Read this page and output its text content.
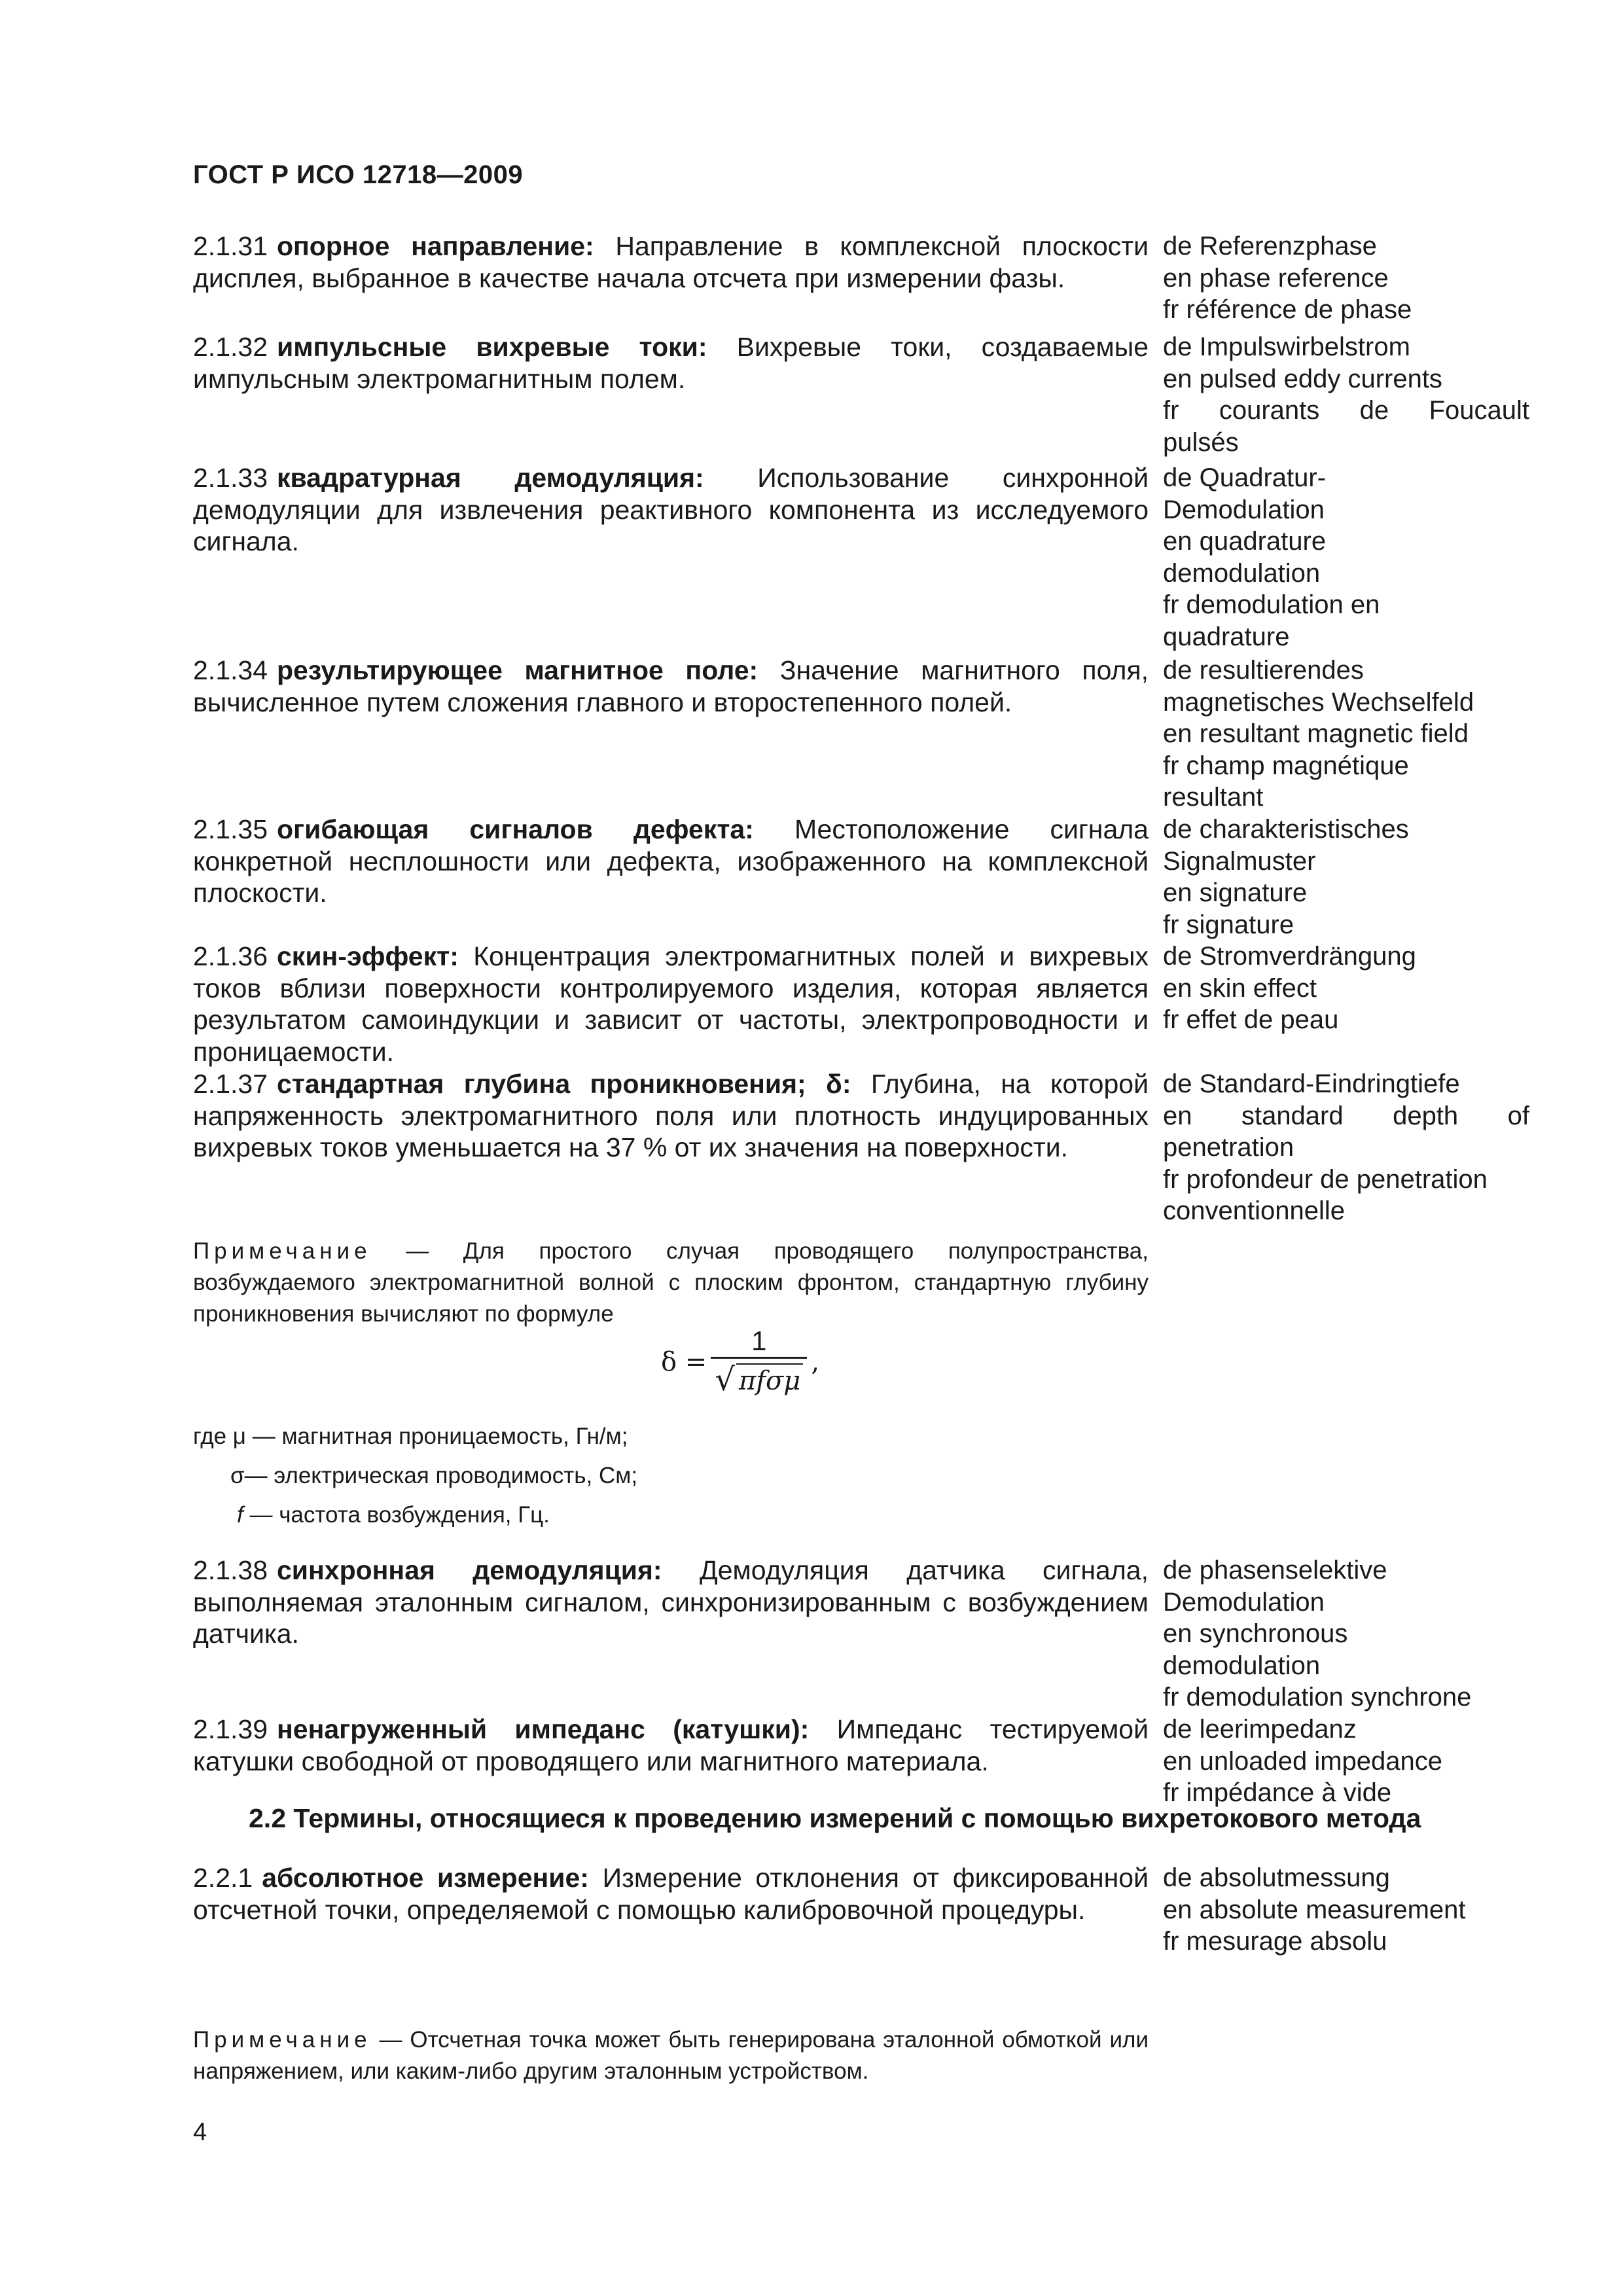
ГОСТ Р ИСО 12718—2009

2.1.31 опорное направление: Направление в комплексной плоскости дисплея, выбранное в качестве начала отсчета при измерении фазы.

de Referenzphase
en phase reference
fr référence de phase

2.1.32 импульсные вихревые токи: Вихревые токи, создаваемые импульсным электромагнитным полем.

de Impulswirbelstrom
en pulsed eddy currents
fr courants de Foucault
pulsés

2.1.33 квадратурная демодуляция: Использование синхронной демодуляции для извлечения реактивного компонента из исследуемого сигнала.

de Quadratur-
Demodulation
en quadrature
demodulation
fr demodulation en
quadrature

2.1.34 результирующее магнитное поле: Значение магнитного поля, вычисленное путем сложения главного и второстепенного полей.

de resultierendes
magnetisches Wechselfeld
en resultant magnetic field
fr champ magnétique
resultant

2.1.35 огибающая сигналов дефекта: Местоположение сигнала конкретной несплошности или дефекта, изображенного на комплексной плоскости.

de charakteristisches
Signalmuster
en signature
fr signature

2.1.36 скин-эффект: Концентрация электромагнитных полей и вихревых токов вблизи поверхности контролируемого изделия, которая является результатом самоиндукции и зависит от частоты, электропроводности и проницаемости.

de Stromverdrängung
en skin effect
fr effet de peau

2.1.37 стандартная глубина проникновения; δ: Глубина, на которой напряженность электромагнитного поля или плотность индуцированных вихревых токов уменьшается на 37 % от их значения на поверхности.

de Standard-Eindringtiefe
en standard depth of
penetration
fr profondeur de penetration
conventionnelle

Примечание — Для простого случая проводящего полупространства, возбуждаемого электромагнитной волной с плоским фронтом, стандартную глубину проникновения вычисляют по формуле

$\delta = \frac{1}{\text{√ πfσμ}}$ ,

где μ — магнитная проницаемость, Гн/м;

σ— электрическая проводимость, См;

f — частота возбуждения, Гц.

2.1.38 синхронная демодуляция: Демодуляция датчика сигнала, выполняемая эталонным сигналом, синхронизированным с возбуждением датчика.

de phasenselektive
Demodulation
en synchronous
demodulation
fr demodulation synchrone

2.1.39 ненагруженный импеданс (катушки): Импеданс тестируемой катушки свободной от проводящего или магнитного материала.

de leerimpedanz
en unloaded impedance
fr impédance à vide

2.2 Термины, относящиеся к проведению измерений с помощью вихретокового метода

2.2.1 абсолютное измерение: Измерение отклонения от фиксированной отсчетной точки, определяемой с помощью калибровочной процедуры.

de absolutmessung
en absolute measurement
fr mesurage absolu

Примечание — Отсчетная точка может быть генерирована эталонной обмоткой или напряжением, или каким-либо другим эталонным устройством.

4
